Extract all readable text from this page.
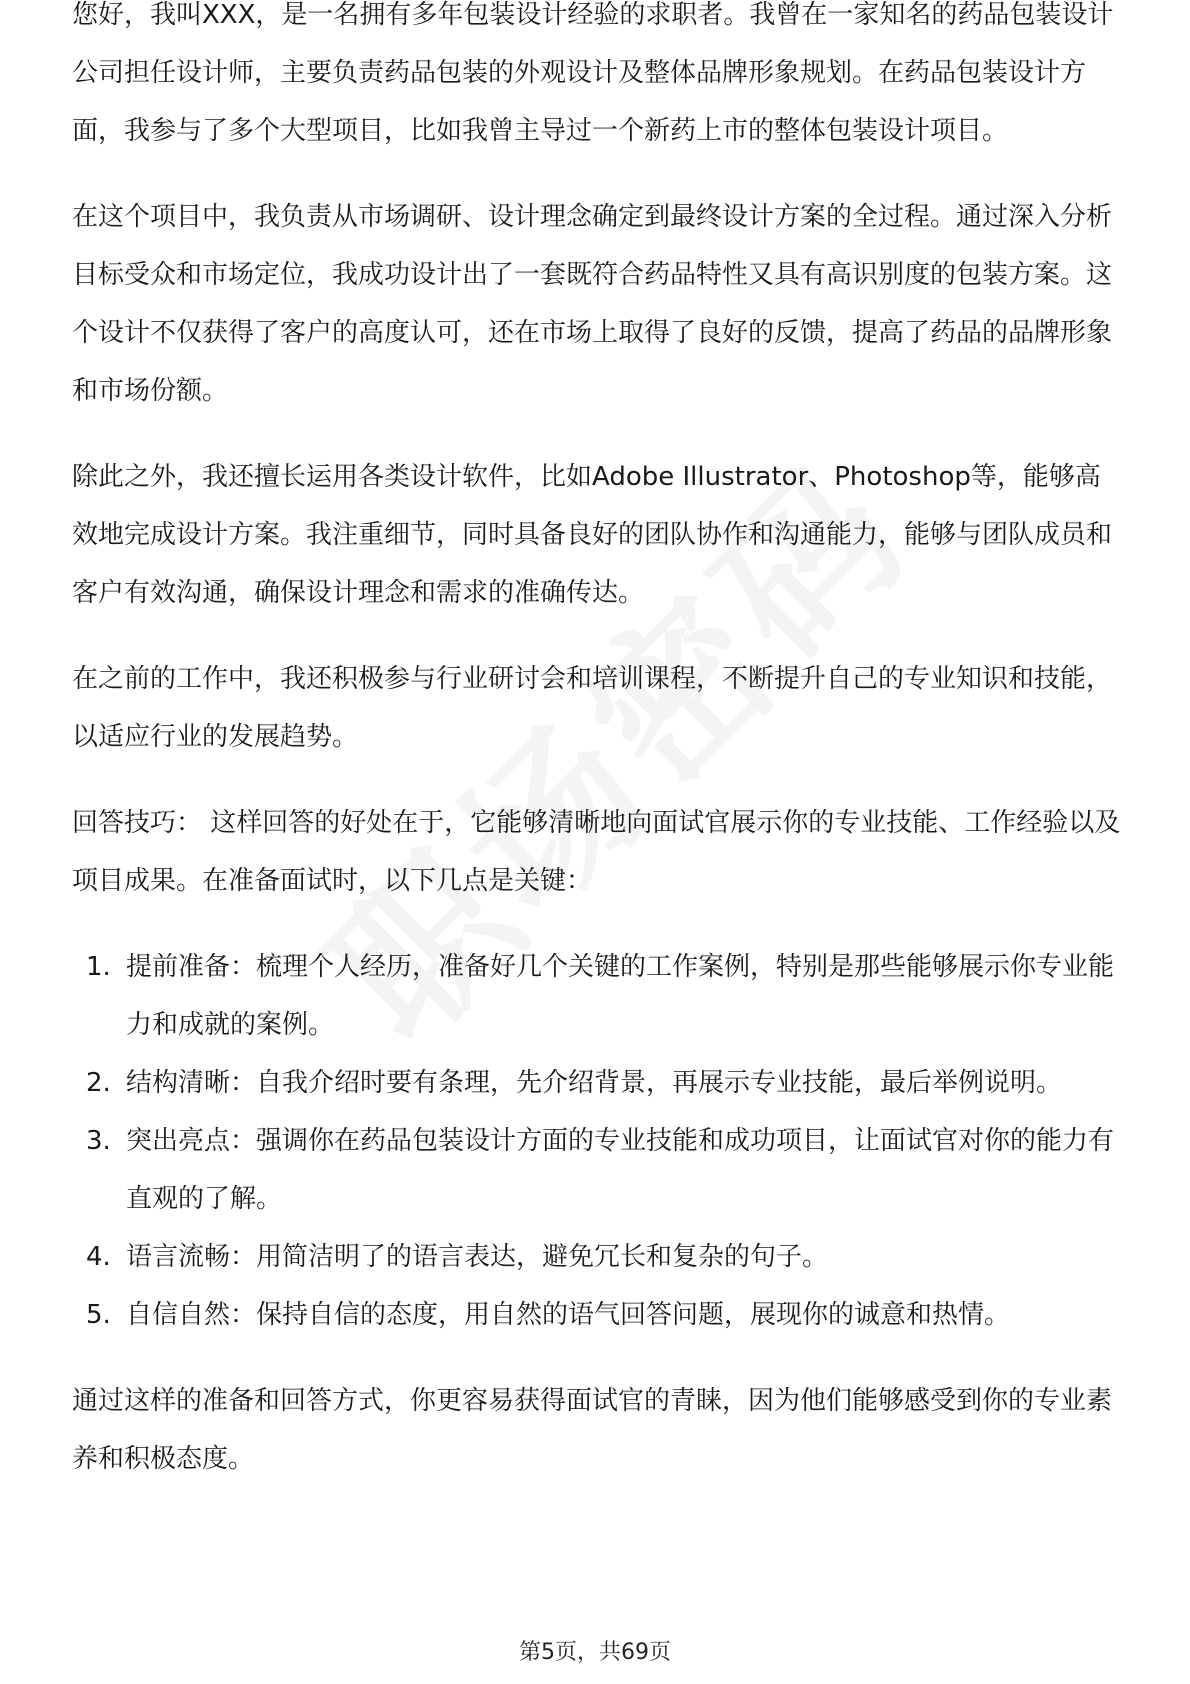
您好，我叫XXX，是一名拥有多年包装设计经验的求职者。我曾在一家知名的药品包装设计公司担任设计师，主要负责药品包装的外观设计及整体品牌形象规划。在药品包装设计方面，我参与了多个大型项目，比如我曾主导过一个新药上市的整体包装设计项目。

在这个项目中，我负责从市场调研、设计理念确定到最终设计方案的全过程。通过深入分析目标受众和市场定位，我成功设计出了一套既符合药品特性又具有高识别度的包装方案。这个设计不仅获得了客户的高度认可，还在市场上取得了良好的反馈，提高了药品的品牌形象和市场份额。

除此之外，我还擅长运用各类设计软件，比如Adobe Illustrator、Photoshop等，能够高效地完成设计方案。我注重细节，同时具备良好的团队协作和沟通能力，能够与团队成员和客户有效沟通，确保设计理念和需求的准确传达。

在之前的工作中，我还积极参与行业研讨会和培训课程，不断提升自己的专业知识和技能，以适应行业的发展趋势。

回答技巧： 这样回答的好处在于，它能够清晰地向面试官展示你的专业技能、工作经验以及项目成果。在准备面试时，以下几点是关键：

1. 提前准备：梳理个人经历，准备好几个关键的工作案例，特别是那些能够展示你专业能力和成就的案例。
2. 结构清晰：自我介绍时要有条理，先介绍背景，再展示专业技能，最后举例说明。
3. 突出亮点：强调你在药品包装设计方面的专业技能和成功项目，让面试官对你的能力有直观的了解。
4. 语言流畅：用简洁明了的语言表达，避免冗长和复杂的句子。
5. 自信自然：保持自信的态度，用自然的语气回答问题，展现你的诚意和热情。

通过这样的准备和回答方式，你更容易获得面试官的青睐，因为他们能够感受到你的专业素养和积极态度。

第5页，共69页
